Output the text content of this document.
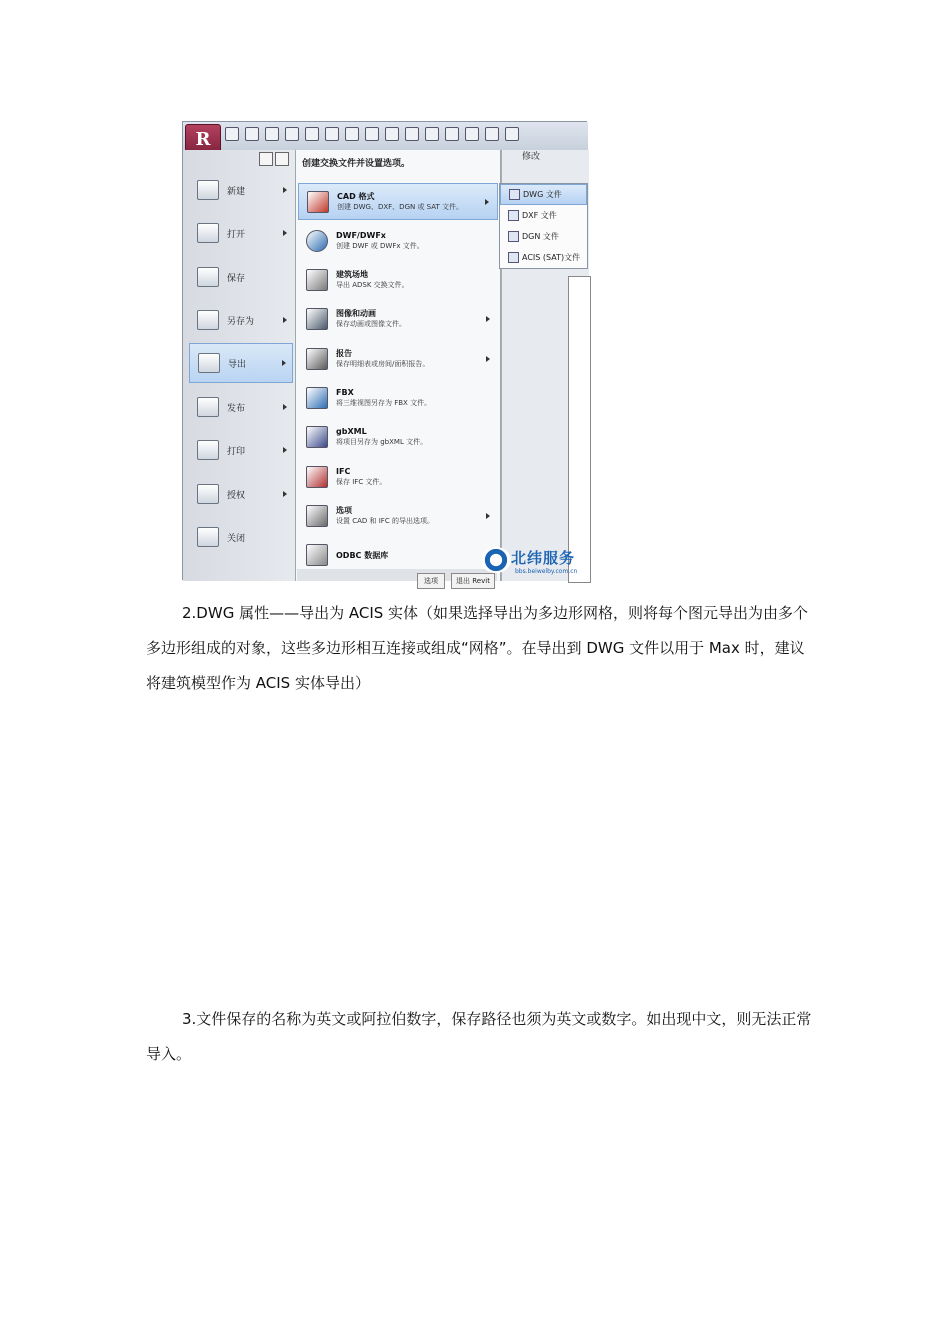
R
修改
新建
打开
保存
另存为
导出
发布
打印
授权
关闭
创建交换文件并设置选项。
CAD 格式
创建 DWG、DXF、DGN 或 SAT 文件。
DWF/DWFx
创建 DWF 或 DWFx 文件。
建筑场地
导出 ADSK 交换文件。
图像和动画
保存动画或图像文件。
报告
保存明细表或房间/面积报告。
FBX
将三维视图另存为 FBX 文件。
gbXML
将项目另存为 gbXML 文件。
IFC
保存 IFC 文件。
选项
设置 CAD 和 IFC 的导出选项。
ODBC 数据库
DWG 文件
DXF 文件
DGN 文件
ACIS (SAT)文件
选项	退出 Revit
北纬服务
bbs.beiwelby.com.cn

2.DWG 属性——导出为 ACIS 实体（如果选择导出为多边形网格，则将每个图元导出为由多个多边形组成的对象，这些多边形相互连接或组成“网格”。在导出到 DWG 文件以用于 Max 时，建议将建筑模型作为 ACIS 实体导出）

3.文件保存的名称为英文或阿拉伯数字，保存路径也须为英文或数字。如出现中文，则无法正常导入。
